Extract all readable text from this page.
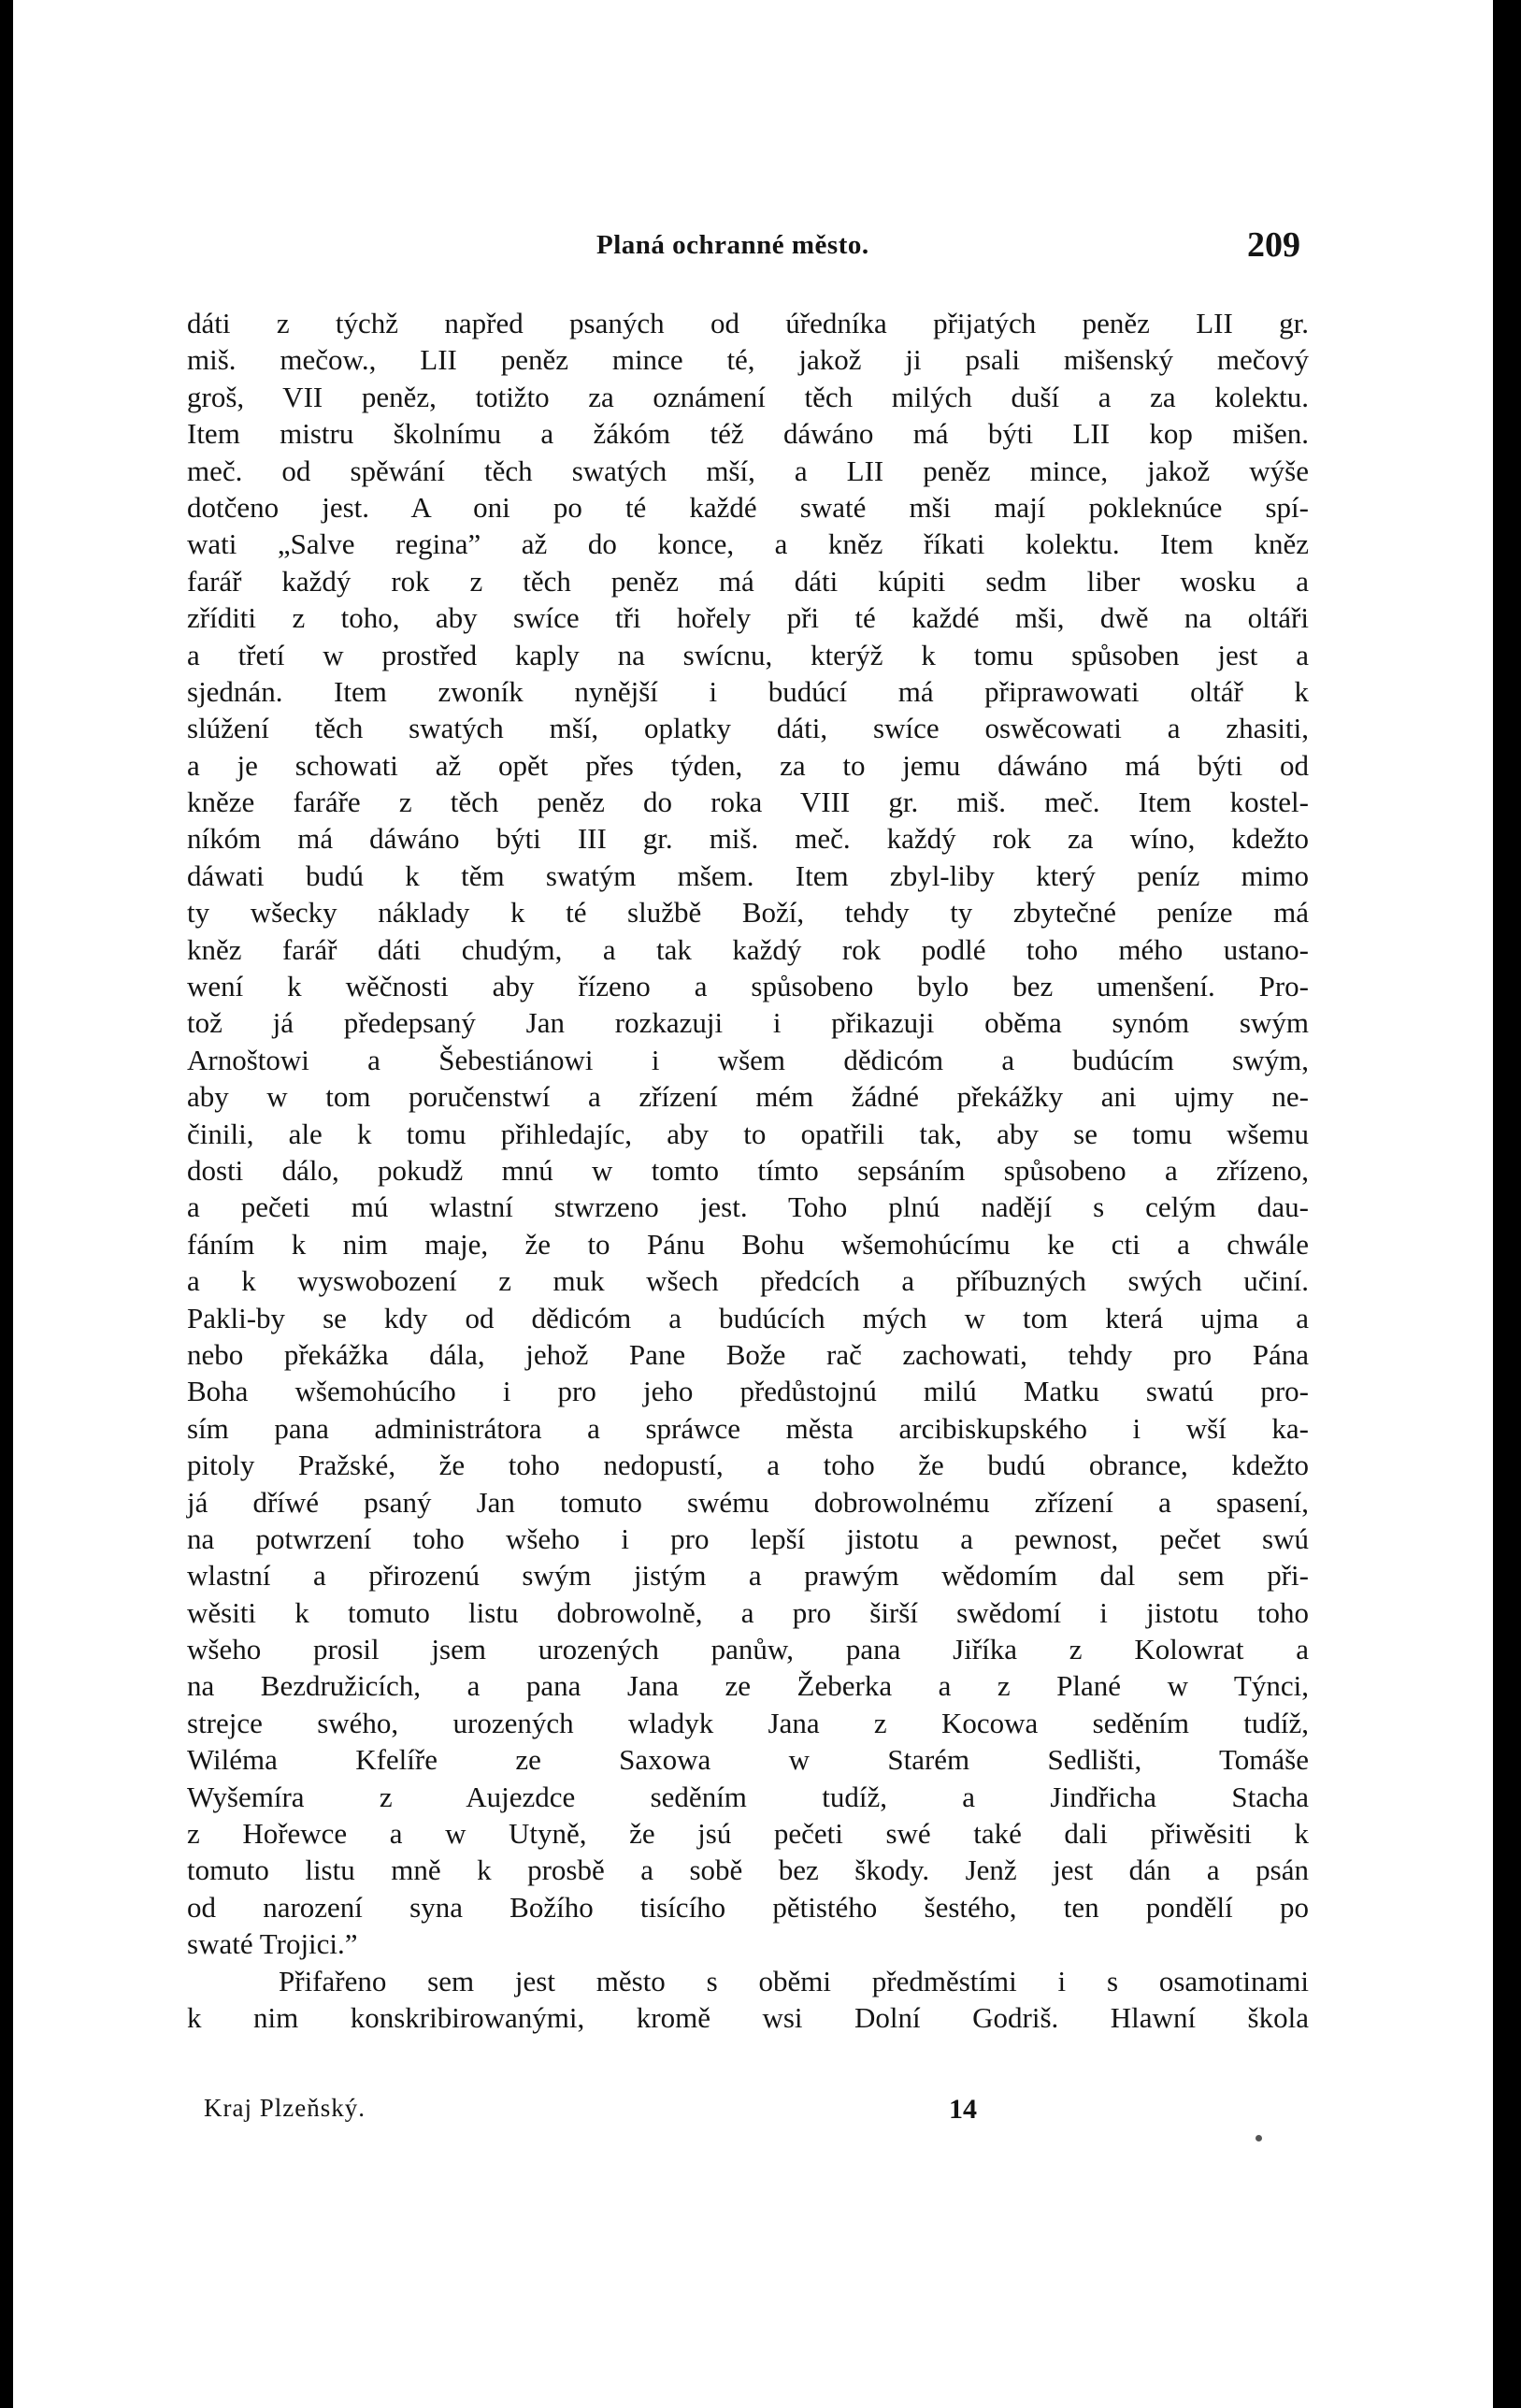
Planá ochranné město.	209
dáti z týchž napřed psaných od úředníka přijatých peněz LII gr.
miš. mečow., LII peněz mince té, jakož ji psali mišenský mečový
groš, VII peněz, totižto za oznámení těch milých duší a za kolektu.
Item mistru školnímu a žákóm též dáwáno má býti LII kop mišen.
meč. od spěwání těch swatých mší, a LII peněz mince, jakož wýše
dotčeno jest. A oni po té každé swaté mši mají pokleknúce spí-
wati „Salve regina” až do konce, a kněz říkati kolektu. Item kněz
farář každý rok z těch peněz má dáti kúpiti sedm liber wosku a
zříditi z toho, aby swíce tři hořely při té každé mši, dwě na oltáři
a třetí w prostřed kaply na swícnu, kterýž k tomu spůsoben jest a
sjednán. Item zwoník nynější i budúcí má připrawowati oltář k
slúžení těch swatých mší, oplatky dáti, swíce oswěcowati a zhasiti,
a je schowati až opět přes týden, za to jemu dáwáno má býti od
kněze faráře z těch peněz do roka VIII gr. miš. meč. Item kostel-
níkóm má dáwáno býti III gr. miš. meč. každý rok za wíno, kdežto
dáwati budú k těm swatým mšem. Item zbyl-liby který peníz mimo
ty wšecky náklady k té službě Boží, tehdy ty zbytečné peníze má
kněz farář dáti chudým, a tak každý rok podlé toho mého ustano-
wení k wěčnosti aby řízeno a spůsobeno bylo bez umenšení. Pro-
tož já předepsaný Jan rozkazuji i přikazuji oběma synóm swým
Arnoštowi a Šebestiánowi i wšem dědicóm a budúcím swým,
aby w tom poručenstwí a zřízení mém žádné překážky ani ujmy ne-
činili, ale k tomu přihledajíc, aby to opatřili tak, aby se tomu wšemu
dosti dálo, pokudž mnú w tomto tímto sepsáním spůsobeno a zřízeno,
a pečeti mú wlastní stwrzeno jest. Toho plnú nadějí s celým dau-
fáním k nim maje, že to Pánu Bohu wšemohúcímu ke cti a chwále
a k wyswobození z muk wšech předcích a příbuzných swých učiní.
Pakli-by se kdy od dědicóm a budúcích mých w tom která ujma a
nebo překážka dála, jehož Pane Bože rač zachowati, tehdy pro Pána
Boha wšemohúcího i pro jeho předůstojnú milú Matku swatú pro-
sím pana administrátora a spráwce města arcibiskupského i wší ka-
pitoly Pražské, že toho nedopustí, a toho že budú obrance, kdežto
já dříwé psaný Jan tomuto swému dobrowolnému zřízení a spasení,
na potwrzení toho wšeho i pro lepší jistotu a pewnost, pečet swú
wlastní a přirozenú swým jistým a prawým wědomím dal sem při-
wěsiti k tomuto listu dobrowolně, a pro širší swědomí i jistotu toho
wšeho prosil jsem urozených panůw, pana Jiříka z Kolowrat a
na Bezdružicích, a pana Jana ze Žeberka a z Plané w Týnci,
strejce swého, urozených wladyk Jana z Kocowa seděním tudíž,
Wiléma Kfelíře ze Saxowa w Starém Sedlišti, Tomáše
Wyšemíra z Aujezdce seděním tudíž, a Jindřicha Stacha
z Hořewce a w Utyně, že jsú pečeti swé také dali přiwěsiti k
tomuto listu mně k prosbě a sobě bez škody. Jenž jest dán a psán
od narození syna Božího tisícího pětistého šestého, ten pondělí po
swaté Trojici.”
Přifařeno sem jest město s oběmi předměstími i s osamotinami
k nim konskribirowanými, kromě wsi Dolní Godriš. Hlawní škola
Kraj Plzeňský.	14
